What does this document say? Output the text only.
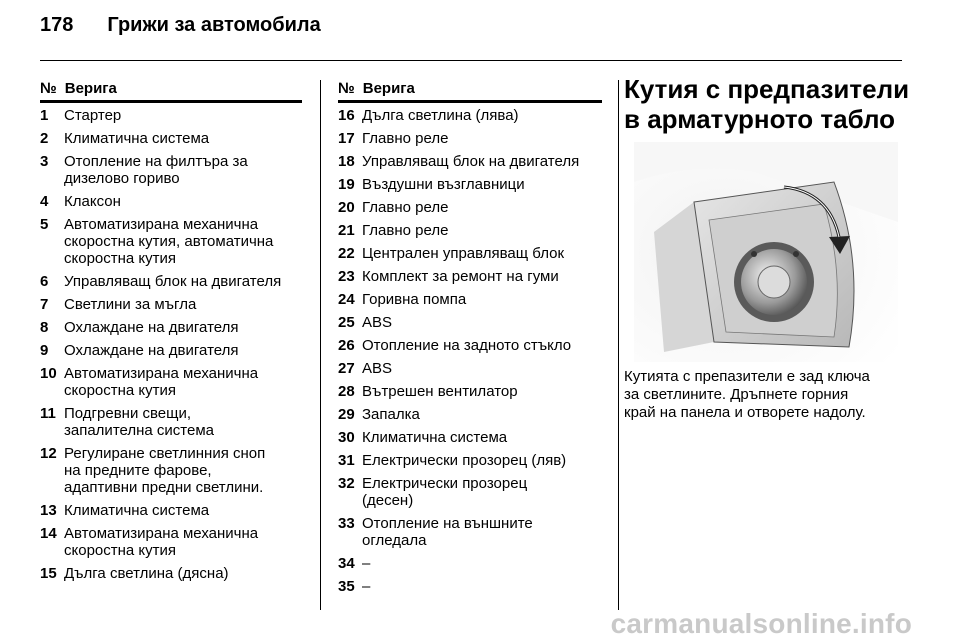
178 Грижи за автомобила
№ Верига
1	Стартер
2	Климатична система
3	Отопление на филтъра за
дизелово гориво
4	Клаксон
5	Автоматизирана механична
скоростна кутия, автоматична
скоростна кутия
6	Управляващ блок на двигателя
7	Светлини за мъгла
8	Охлаждане на двигателя
9	Охлаждане на двигателя
10 Автоматизирана механична
скоростна кутия
11 Подгревни свещи,
запалителна система
12 Регулиране светлинния сноп
на предните фарове,
адаптивни предни светлини.
13 Климатична система
14 Автоматизирана механична
скоростна кутия
15 Дълга светлина (дясна)
№ Верига
16 Дълга светлина (лява)
17 Главно реле
18 Управляващ блок на двигателя
19 Въздушни възглавници
20 Главно реле
21 Главно реле
22 Централен управляващ блок
23 Комплект за ремонт на гуми
24 Горивна помпа
25 ABS
26 Отопление на задното стъкло
27 ABS
28 Вътрешен вентилатор
29 Запалка
30 Климатична система
31 Електрически прозорец (ляв)
32 Електрически прозорец
(десен)
33 Отопление на външните
огледала
34 –
35 –
Кутия с предпазители
в арматурното табло
Кутията с препазители е зад ключа
за светлините. Дръпнете горния
край на панела и отворете надолу.
carmanualsonline.info
